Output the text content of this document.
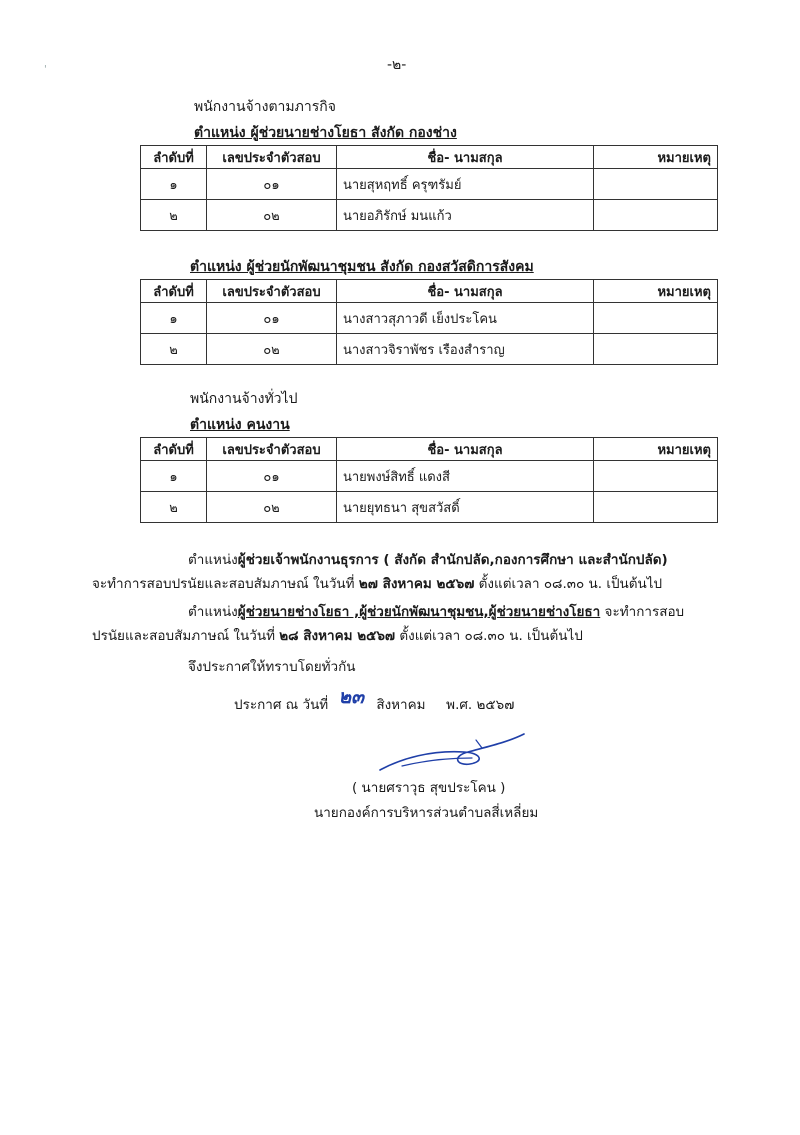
-๒-
'
พนักงานจ้างตามภารกิจ
ตำแหน่ง ผู้ช่วยนายช่างโยธา สังกัด กองช่าง
ลำดับที่	เลขประจำตัวสอบ	ชื่อ- นามสกุล	หมายเหตุ
๑	๐๑	นายสุหฤทธิ์ ครุฑรัมย์	
๒	๐๒	นายอภิรักษ์ มนแก้ว	
ตำแหน่ง ผู้ช่วยนักพัฒนาชุมชน สังกัด กองสวัสดิการสังคม
ลำดับที่	เลขประจำตัวสอบ	ชื่อ- นามสกุล	หมายเหตุ
๑	๐๑	นางสาวสุภาวดี เย็งประโคน	
๒	๐๒	นางสาวจิราพัชร เรืองสำราญ	
พนักงานจ้างทั่วไป
ตำแหน่ง คนงาน
ลำดับที่	เลขประจำตัวสอบ	ชื่อ- นามสกุล	หมายเหตุ
๑	๐๑	นายพงษ์สิทธิ์ แดงสี	
๒	๐๒	นายยุทธนา สุขสวัสดิ์	
ตำแหน่งผู้ช่วยเจ้าพนักงานธุรการ ( สังกัด สำนักปลัด,กองการศึกษา และสำนักปลัด)
จะทำการสอบปรนัยและสอบสัมภาษณ์ ในวันที่ ๒๗ สิงหาคม ๒๕๖๗ ตั้งแต่เวลา ๐๘.๓๐ น. เป็นต้นไป
ตำแหน่งผู้ช่วยนายช่างโยธา ,ผู้ช่วยนักพัฒนาชุมชน,ผู้ช่วยนายช่างโยธา จะทำการสอบ
ปรนัยและสอบสัมภาษณ์ ในวันที่ ๒๘ สิงหาคม ๒๕๖๗ ตั้งแต่เวลา ๐๘.๓๐ น. เป็นต้นไป
จึงประกาศให้ทราบโดยทั่วกัน
ประกาศ ณ วันที่ ๒๓ สิงหาคม พ.ศ. ๒๕๖๗
( นายศราวุธ สุขประโคน )
นายกองค์การบริหารส่วนตำบลสี่เหลี่ยม
